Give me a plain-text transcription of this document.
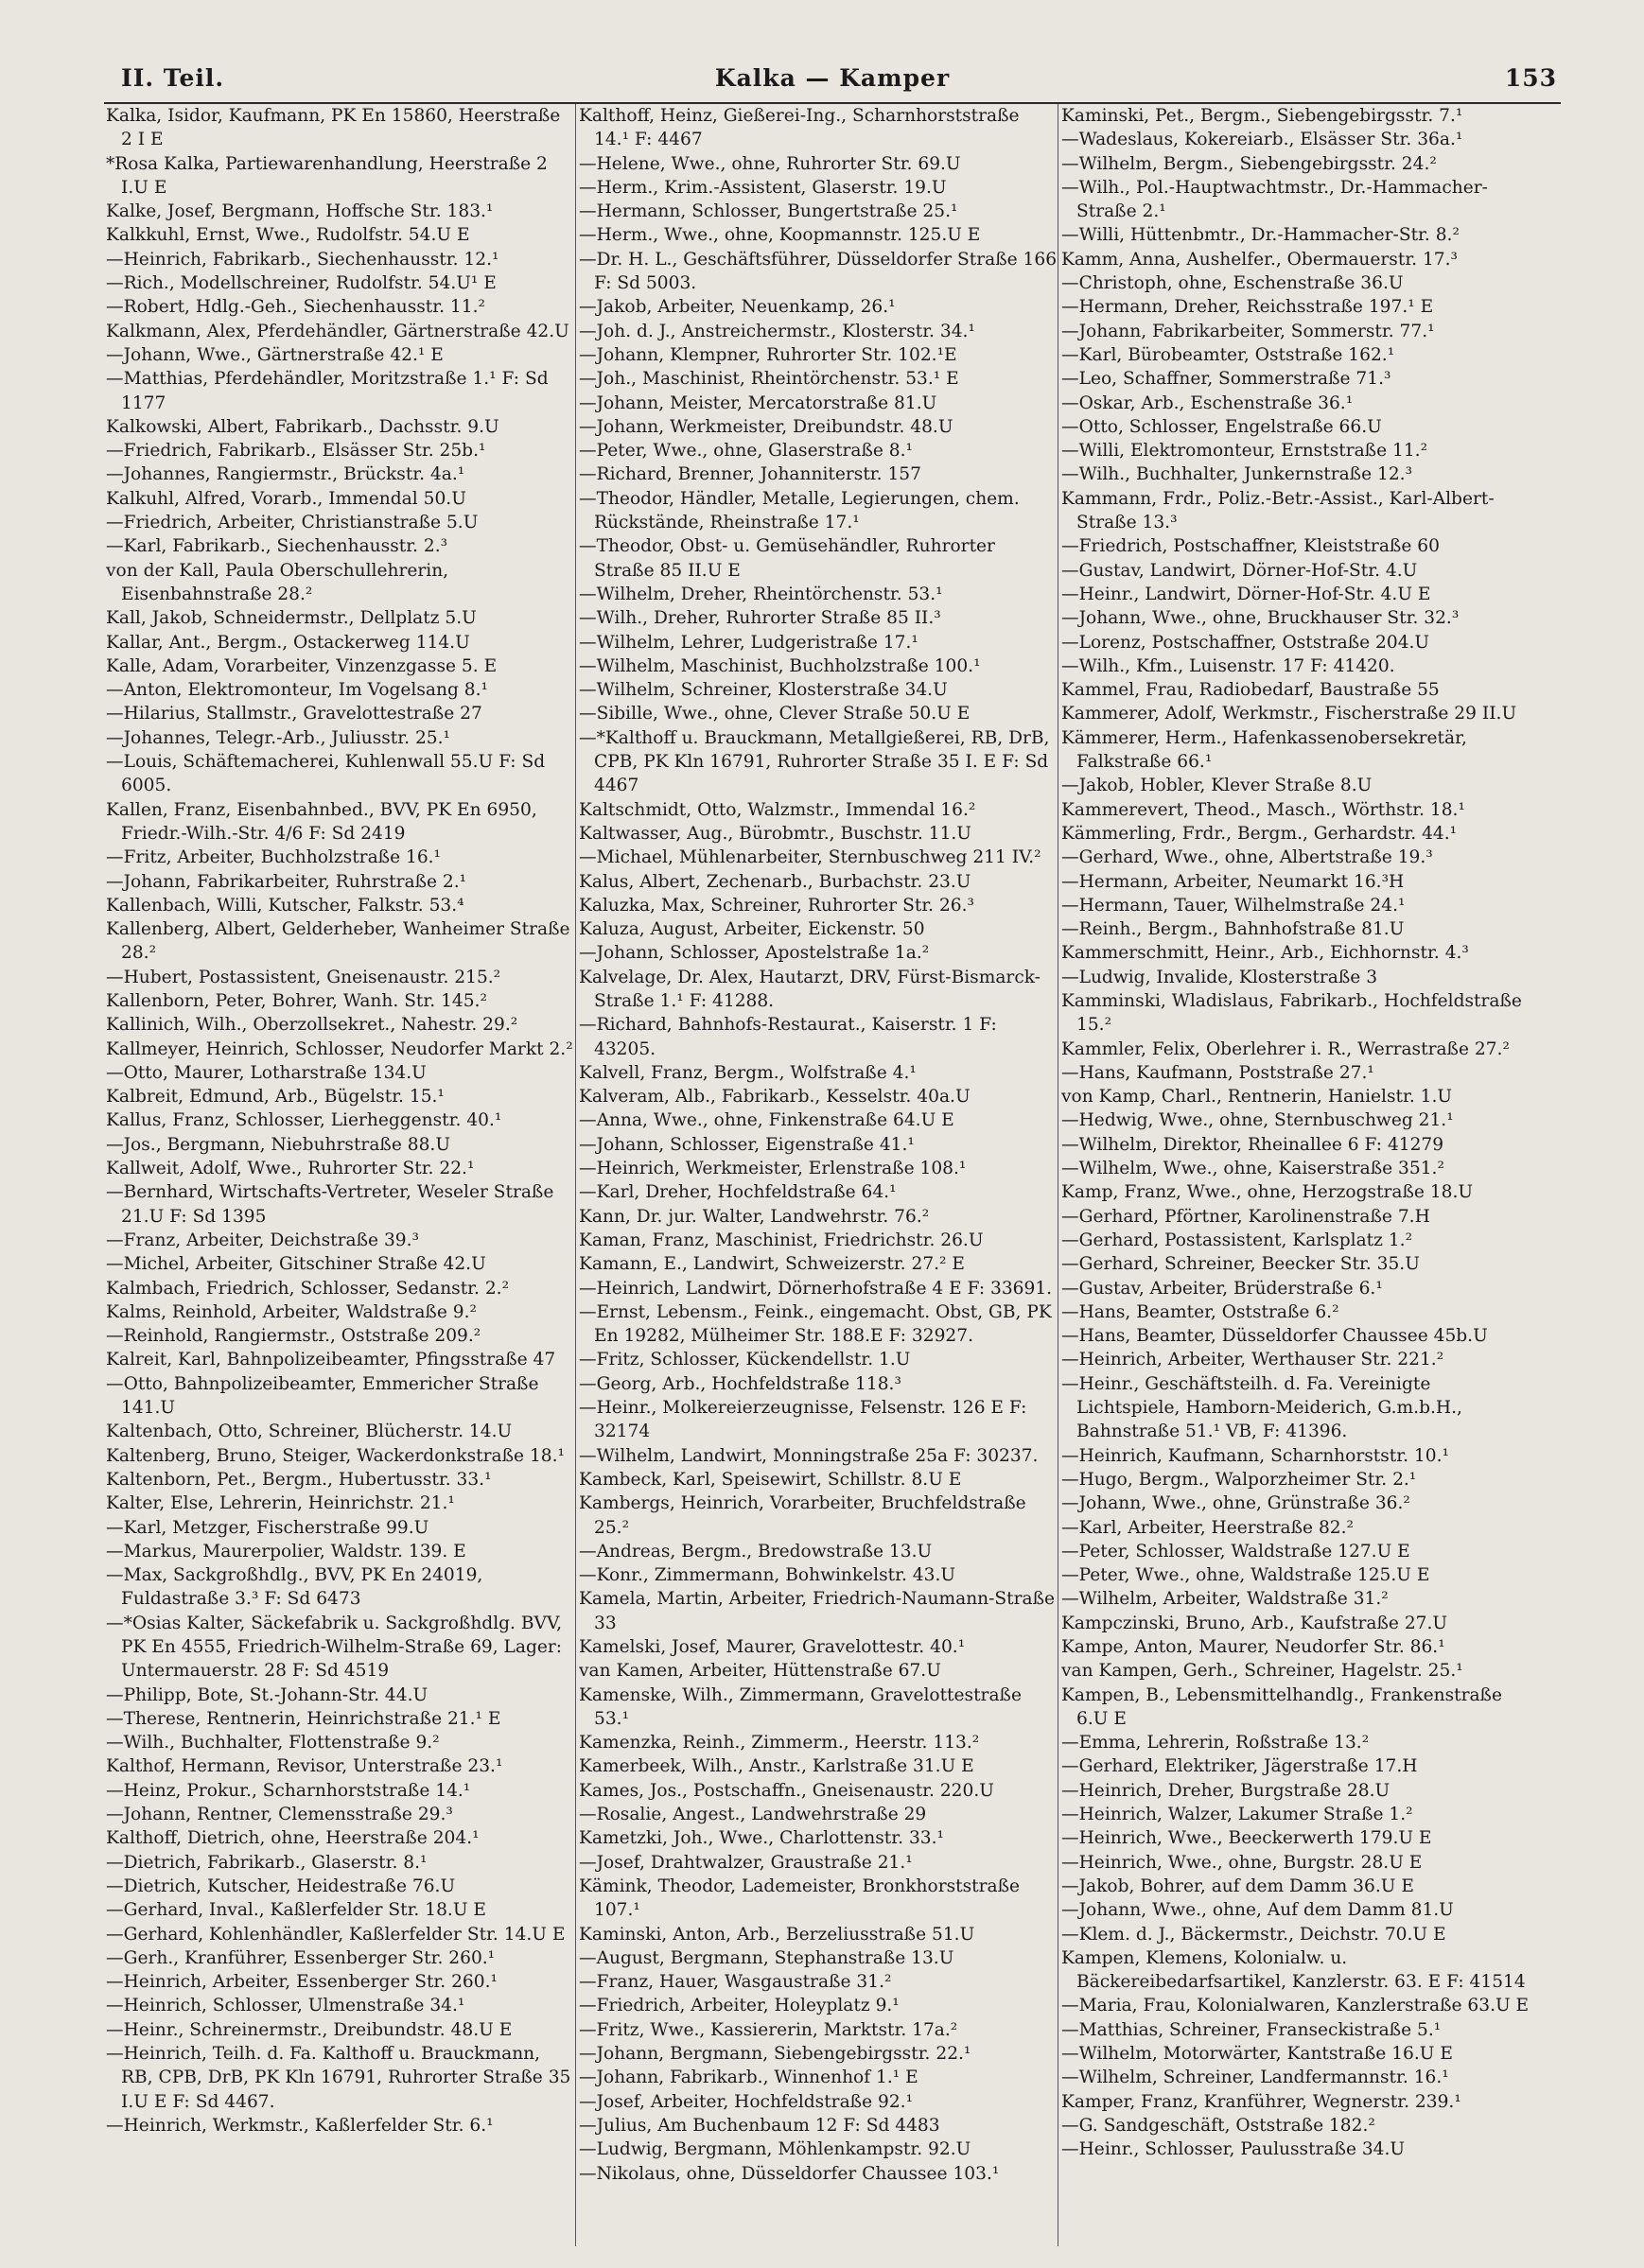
II. Teil.	Kalka — Kamper	153
Kalka, Isidor, Kaufmann, PK En 15860, Heerstraße 2 I E
*Rosa Kalka, Partiewarenhandlung, Heerstraße 2 I.U E
Kalke, Josef, Bergmann, Hoffsche Str. 183.¹
Kalkkuhl, Ernst, Wwe., Rudolfstr. 54.U E
—Heinrich, Fabrikarb., Siechenhausstr. 12.¹
—Rich., Modellschreiner, Rudolfstr. 54.U¹ E
—Robert, Hdlg.-Geh., Siechenhausstr. 11.²
Kalkmann, Alex, Pferdehändler, Gärtnerstraße 42.U
—Johann, Wwe., Gärtnerstraße 42.¹ E
—Matthias, Pferdehändler, Moritzstraße 1.¹ F: Sd 1177
Kalkowski, Albert, Fabrikarb., Dachsstr. 9.U
—Friedrich, Fabrikarb., Elsässer Str. 25b.¹
—Johannes, Rangiermstr., Brückstr. 4a.¹
Kalkuhl, Alfred, Vorarb., Immendal 50.U
—Friedrich, Arbeiter, Christianstraße 5.U
—Karl, Fabrikarb., Siechenhausstr. 2.³
von der Kall, Paula Oberschullehrerin, Eisenbahnstraße 28.²
Kall, Jakob, Schneidermstr., Dellplatz 5.U
Kallar, Ant., Bergm., Ostackerweg 114.U
Kalle, Adam, Vorarbeiter, Vinzenzgasse 5. E
—Anton, Elektromonteur, Im Vogelsang 8.¹
—Hilarius, Stallmstr., Gravelottestraße 27
—Johannes, Telegr.-Arb., Juliusstr. 25.¹
—Louis, Schäftemacherei, Kuhlenwall 55.U F: Sd 6005.
Kallen, Franz, Eisenbahnbed., BVV, PK En 6950, Friedr.-Wilh.-Str. 4/6 F: Sd 2419
—Fritz, Arbeiter, Buchholzstraße 16.¹
—Johann, Fabrikarbeiter, Ruhrstraße 2.¹
Kallenbach, Willi, Kutscher, Falkstr. 53.⁴
Kallenberg, Albert, Gelderheber, Wanheimer Straße 28.²
—Hubert, Postassistent, Gneisenaustr. 215.²
Kallenborn, Peter, Bohrer, Wanh. Str. 145.²
Kallinich, Wilh., Oberzollsekret., Nahestr. 29.²
Kallmeyer, Heinrich, Schlosser, Neudorfer Markt 2.²
—Otto, Maurer, Lotharstraße 134.U
Kalbreit, Edmund, Arb., Bügelstr. 15.¹
Kallus, Franz, Schlosser, Lierheggenstr. 40.¹
—Jos., Bergmann, Niebuhrstraße 88.U
Kallweit, Adolf, Wwe., Ruhrorter Str. 22.¹
—Bernhard, Wirtschafts-Vertreter, Weseler Straße 21.U F: Sd 1395
—Franz, Arbeiter, Deichstraße 39.³
—Michel, Arbeiter, Gitschiner Straße 42.U
Kalmbach, Friedrich, Schlosser, Sedanstr. 2.²
Kalms, Reinhold, Arbeiter, Waldstraße 9.²
—Reinhold, Rangiermstr., Oststraße 209.²
Kalreit, Karl, Bahnpolizeibeamter, Pfingsstraße 47
—Otto, Bahnpolizeibeamter, Emmericher Straße 141.U
Kaltenbach, Otto, Schreiner, Blücherstr. 14.U
Kaltenberg, Bruno, Steiger, Wackerdonkstraße 18.¹
Kaltenborn, Pet., Bergm., Hubertusstr. 33.¹
Kalter, Else, Lehrerin, Heinrichstr. 21.¹
—Karl, Metzger, Fischerstraße 99.U
—Markus, Maurerpolier, Waldstr. 139. E
—Max, Sackgroßhdlg., BVV, PK En 24019, Fuldastraße 3.³ F: Sd 6473
—*Osias Kalter, Säckefabrik u. Sackgroßhdlg. BVV, PK En 4555, Friedrich-Wilhelm-Straße 69, Lager: Untermauerstr. 28 F: Sd 4519
—Philipp, Bote, St.-Johann-Str. 44.U
—Therese, Rentnerin, Heinrichstraße 21.¹ E
—Wilh., Buchhalter, Flottenstraße 9.²
Kalthof, Hermann, Revisor, Unterstraße 23.¹
—Heinz, Prokur., Scharnhorststraße 14.¹
—Johann, Rentner, Clemensstraße 29.³
Kalthoff, Dietrich, ohne, Heerstraße 204.¹
—Dietrich, Fabrikarb., Glaserstr. 8.¹
—Dietrich, Kutscher, Heidestraße 76.U
—Gerhard, Inval., Kaßlerfelder Str. 18.U E
—Gerhard, Kohlenhändler, Kaßlerfelder Str. 14.U E
—Gerh., Kranführer, Essenberger Str. 260.¹
—Heinrich, Arbeiter, Essenberger Str. 260.¹
—Heinrich, Schlosser, Ulmenstraße 34.¹
—Heinr., Schreinermstr., Dreibundstr. 48.U E
—Heinrich, Teilh. d. Fa. Kalthoff u. Brauckmann, RB, CPB, DrB, PK Kln 16791, Ruhrorter Straße 35 I.U E F: Sd 4467.
—Heinrich, Werkmstr., Kaßlerfelder Str. 6.¹
Kalthoff, Heinz, Gießerei-Ing., Scharnhorststraße 14.¹ F: 4467
—Helene, Wwe., ohne, Ruhrorter Str. 69.U
—Herm., Krim.-Assistent, Glaserstr. 19.U
—Hermann, Schlosser, Bungertstraße 25.¹
—Herm., Wwe., ohne, Koopmannstr. 125.U E
—Dr. H. L., Geschäftsführer, Düsseldorfer Straße 166 F: Sd 5003.
—Jakob, Arbeiter, Neuenkamp, 26.¹
—Joh. d. J., Anstreichermstr., Klosterstr. 34.¹
—Johann, Klempner, Ruhrorter Str. 102.¹E
—Joh., Maschinist, Rheintörchenstr. 53.¹ E
—Johann, Meister, Mercatorstraße 81.U
—Johann, Werkmeister, Dreibundstr. 48.U
—Peter, Wwe., ohne, Glaserstraße 8.¹
—Richard, Brenner, Johanniterstr. 157
—Theodor, Händler, Metalle, Legierungen, chem. Rückstände, Rheinstraße 17.¹
—Theodor, Obst- u. Gemüsehändler, Ruhrorter Straße 85 II.U E
—Wilhelm, Dreher, Rheintörchenstr. 53.¹
—Wilh., Dreher, Ruhrorter Straße 85 II.³
—Wilhelm, Lehrer, Ludgeristraße 17.¹
—Wilhelm, Maschinist, Buchholzstraße 100.¹
—Wilhelm, Schreiner, Klosterstraße 34.U
—Sibille, Wwe., ohne, Clever Straße 50.U E
—*Kalthoff u. Brauckmann, Metallgießerei, RB, DrB, CPB, PK Kln 16791, Ruhrorter Straße 35 I. E F: Sd 4467
Kaltschmidt, Otto, Walzmstr., Immendal 16.²
Kaltwasser, Aug., Bürobmtr., Buschstr. 11.U
—Michael, Mühlenarbeiter, Sternbuschweg 211 IV.²
Kalus, Albert, Zechenarb., Burbachstr. 23.U
Kaluzka, Max, Schreiner, Ruhrorter Str. 26.³
Kaluza, August, Arbeiter, Eickenstr. 50
—Johann, Schlosser, Apostelstraße 1a.²
Kalvelage, Dr. Alex, Hautarzt, DRV, Fürst-Bismarck-Straße 1.¹ F: 41288.
—Richard, Bahnhofs-Restaurat., Kaiserstr. 1 F: 43205.
Kalvell, Franz, Bergm., Wolfstraße 4.¹
Kalveram, Alb., Fabrikarb., Kesselstr. 40a.U
—Anna, Wwe., ohne, Finkenstraße 64.U E
—Johann, Schlosser, Eigenstraße 41.¹
—Heinrich, Werkmeister, Erlenstraße 108.¹
—Karl, Dreher, Hochfeldstraße 64.¹
Kann, Dr. jur. Walter, Landwehrstr. 76.²
Kaman, Franz, Maschinist, Friedrichstr. 26.U
Kamann, E., Landwirt, Schweizerstr. 27.² E
—Heinrich, Landwirt, Dörnerhofstraße 4 E F: 33691.
—Ernst, Lebensm., Feink., eingemacht. Obst, GB, PK En 19282, Mülheimer Str. 188.E F: 32927.
—Fritz, Schlosser, Kückendellstr. 1.U
—Georg, Arb., Hochfeldstraße 118.³
—Heinr., Molkereierzeugnisse, Felsenstr. 126 E F: 32174
—Wilhelm, Landwirt, Monningstraße 25a F: 30237.
Kambeck, Karl, Speisewirt, Schillstr. 8.U E
Kambergs, Heinrich, Vorarbeiter, Bruchfeldstraße 25.²
—Andreas, Bergm., Bredowstraße 13.U
—Konr., Zimmermann, Bohwinkelstr. 43.U
Kamela, Martin, Arbeiter, Friedrich-Naumann-Straße 33
Kamelski, Josef, Maurer, Gravelottestr. 40.¹
van Kamen, Arbeiter, Hüttenstraße 67.U
Kamenske, Wilh., Zimmermann, Gravelottestraße 53.¹
Kamenzka, Reinh., Zimmerm., Heerstr. 113.²
Kamerbeek, Wilh., Anstr., Karlstraße 31.U E
Kames, Jos., Postschaffn., Gneisenaustr. 220.U
—Rosalie, Angest., Landwehrstraße 29
Kametzki, Joh., Wwe., Charlottenstr. 33.¹
—Josef, Drahtwalzer, Graustraße 21.¹
Kämink, Theodor, Lademeister, Bronkhorststraße 107.¹
Kaminski, Anton, Arb., Berzeliusstraße 51.U
—August, Bergmann, Stephanstraße 13.U
—Franz, Hauer, Wasgaustraße 31.²
—Friedrich, Arbeiter, Holeyplatz 9.¹
—Fritz, Wwe., Kassiererin, Marktstr. 17a.²
—Johann, Bergmann, Siebengebirgsstr. 22.¹
—Johann, Fabrikarb., Winnenhof 1.¹ E
—Josef, Arbeiter, Hochfeldstraße 92.¹
—Julius, Am Buchenbaum 12 F: Sd 4483
—Ludwig, Bergmann, Möhlenkampstr. 92.U
—Nikolaus, ohne, Düsseldorfer Chaussee 103.¹
Kaminski, Pet., Bergm., Siebengebirgsstr. 7.¹
—Wadeslaus, Kokereiarb., Elsässer Str. 36a.¹
—Wilhelm, Bergm., Siebengebirgsstr. 24.²
—Wilh., Pol.-Hauptwachtmstr., Dr.-Hammacher-Straße 2.¹
—Willi, Hüttenbmtr., Dr.-Hammacher-Str. 8.²
Kamm, Anna, Aushelfer., Obermauerstr. 17.³
—Christoph, ohne, Eschenstraße 36.U
—Hermann, Dreher, Reichsstraße 197.¹ E
—Johann, Fabrikarbeiter, Sommerstr. 77.¹
—Karl, Bürobeamter, Oststraße 162.¹
—Leo, Schaffner, Sommerstraße 71.³
—Oskar, Arb., Eschenstraße 36.¹
—Otto, Schlosser, Engelstraße 66.U
—Willi, Elektromonteur, Ernststraße 11.²
—Wilh., Buchhalter, Junkernstraße 12.³
Kammann, Frdr., Poliz.-Betr.-Assist., Karl-Albert-Straße 13.³
—Friedrich, Postschaffner, Kleiststraße 60
—Gustav, Landwirt, Dörner-Hof-Str. 4.U
—Heinr., Landwirt, Dörner-Hof-Str. 4.U E
—Johann, Wwe., ohne, Bruckhauser Str. 32.³
—Lorenz, Postschaffner, Oststraße 204.U
—Wilh., Kfm., Luisenstr. 17 F: 41420.
Kammel, Frau, Radiobedarf, Baustraße 55
Kammerer, Adolf, Werkmstr., Fischerstraße 29 II.U
Kämmerer, Herm., Hafenkassenobersekretär, Falkstraße 66.¹
—Jakob, Hobler, Klever Straße 8.U
Kammerevert, Theod., Masch., Wörthstr. 18.¹
Kämmerling, Frdr., Bergm., Gerhardstr. 44.¹
—Gerhard, Wwe., ohne, Albertstraße 19.³
—Hermann, Arbeiter, Neumarkt 16.³H
—Hermann, Tauer, Wilhelmstraße 24.¹
—Reinh., Bergm., Bahnhofstraße 81.U
Kammerschmitt, Heinr., Arb., Eichhornstr. 4.³
—Ludwig, Invalide, Klosterstraße 3
Kamminski, Wladislaus, Fabrikarb., Hochfeldstraße 15.²
Kammler, Felix, Oberlehrer i. R., Werrastraße 27.²
—Hans, Kaufmann, Poststraße 27.¹
von Kamp, Charl., Rentnerin, Hanielstr. 1.U
—Hedwig, Wwe., ohne, Sternbuschweg 21.¹
—Wilhelm, Direktor, Rheinallee 6 F: 41279
—Wilhelm, Wwe., ohne, Kaiserstraße 351.²
Kamp, Franz, Wwe., ohne, Herzogstraße 18.U
—Gerhard, Pförtner, Karolinenstraße 7.H
—Gerhard, Postassistent, Karlsplatz 1.²
—Gerhard, Schreiner, Beecker Str. 35.U
—Gustav, Arbeiter, Brüderstraße 6.¹
—Hans, Beamter, Oststraße 6.²
—Hans, Beamter, Düsseldorfer Chaussee 45b.U
—Heinrich, Arbeiter, Werthauser Str. 221.²
—Heinr., Geschäftsteilh. d. Fa. Vereinigte Lichtspiele, Hamborn-Meiderich, G.m.b.H., Bahnstraße 51.¹ VB, F: 41396.
—Heinrich, Kaufmann, Scharnhorststr. 10.¹
—Hugo, Bergm., Walporzheimer Str. 2.¹
—Johann, Wwe., ohne, Grünstraße 36.²
—Karl, Arbeiter, Heerstraße 82.²
—Peter, Schlosser, Waldstraße 127.U E
—Peter, Wwe., ohne, Waldstraße 125.U E
—Wilhelm, Arbeiter, Waldstraße 31.²
Kampczinski, Bruno, Arb., Kaufstraße 27.U
Kampe, Anton, Maurer, Neudorfer Str. 86.¹
van Kampen, Gerh., Schreiner, Hagelstr. 25.¹
Kampen, B., Lebensmittelhandlg., Frankenstraße 6.U E
—Emma, Lehrerin, Roßstraße 13.²
—Gerhard, Elektriker, Jägerstraße 17.H
—Heinrich, Dreher, Burgstraße 28.U
—Heinrich, Walzer, Lakumer Straße 1.²
—Heinrich, Wwe., Beeckerwerth 179.U E
—Heinrich, Wwe., ohne, Burgstr. 28.U E
—Jakob, Bohrer, auf dem Damm 36.U E
—Johann, Wwe., ohne, Auf dem Damm 81.U
—Klem. d. J., Bäckermstr., Deichstr. 70.U E
Kampen, Klemens, Kolonialw. u. Bäckereibedarfsartikel, Kanzlerstr. 63. E F: 41514
—Maria, Frau, Kolonialwaren, Kanzlerstraße 63.U E
—Matthias, Schreiner, Franseckistraße 5.¹
—Wilhelm, Motorwärter, Kantstraße 16.U E
—Wilhelm, Schreiner, Landfermannstr. 16.¹
Kamper, Franz, Kranführer, Wegnerstr. 239.¹
—G. Sandgeschäft, Oststraße 182.²
—Heinr., Schlosser, Paulusstraße 34.U
